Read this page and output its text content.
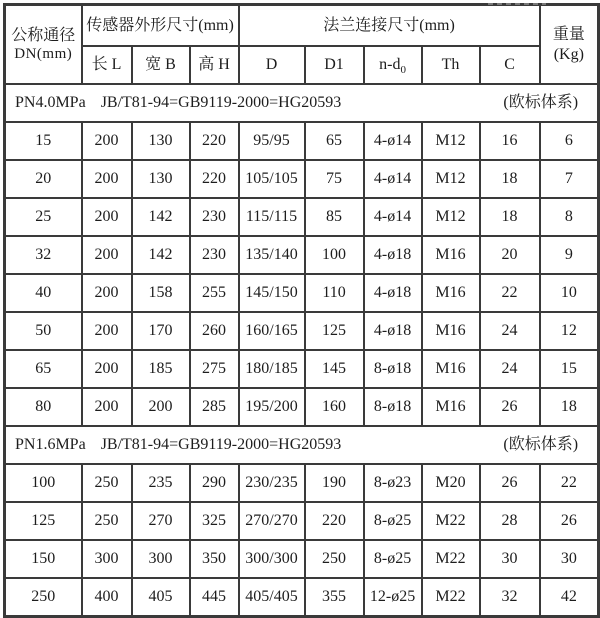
公称通径
DN(mm)
	传感器外形尺寸(mm)	法兰连接尺寸(mm)	
重量
(Kg)

	长 L	宽 B	高 H	D	D1	$n-d_0$	Th	C	

PN4.0MPa JB/T81-94=GB9119-2000=HG20593 (欧标体系)									

15	200	130	220	95/95	65	4-ø14	M12	16	6
20	200	130	220	105/105	75	4-ø14	M12	18	7
25	200	142	230	115/115	85	4-ø14	M12	18	8
32	200	142	230	135/140	100	4-ø18	M16	20	9
40	200	158	255	145/150	110	4-ø18	M16	22	10
50	200	170	260	160/165	125	4-ø18	M16	24	12
65	200	185	275	180/185	145	8-ø18	M16	24	15
80	200	200	285	195/200	160	8-ø18	M16	26	18

PN1.6MPa JB/T81-94=GB9119-2000=HG20593 (欧标体系)									

100	250	235	290	230/235	190	8-ø23	M20	26	22
125	250	270	325	270/270	220	8-ø25	M22	28	26
150	300	300	350	300/300	250	8-ø25	M22	30	30
250	400	405	445	405/405	355	12-ø25	M22	32	42
